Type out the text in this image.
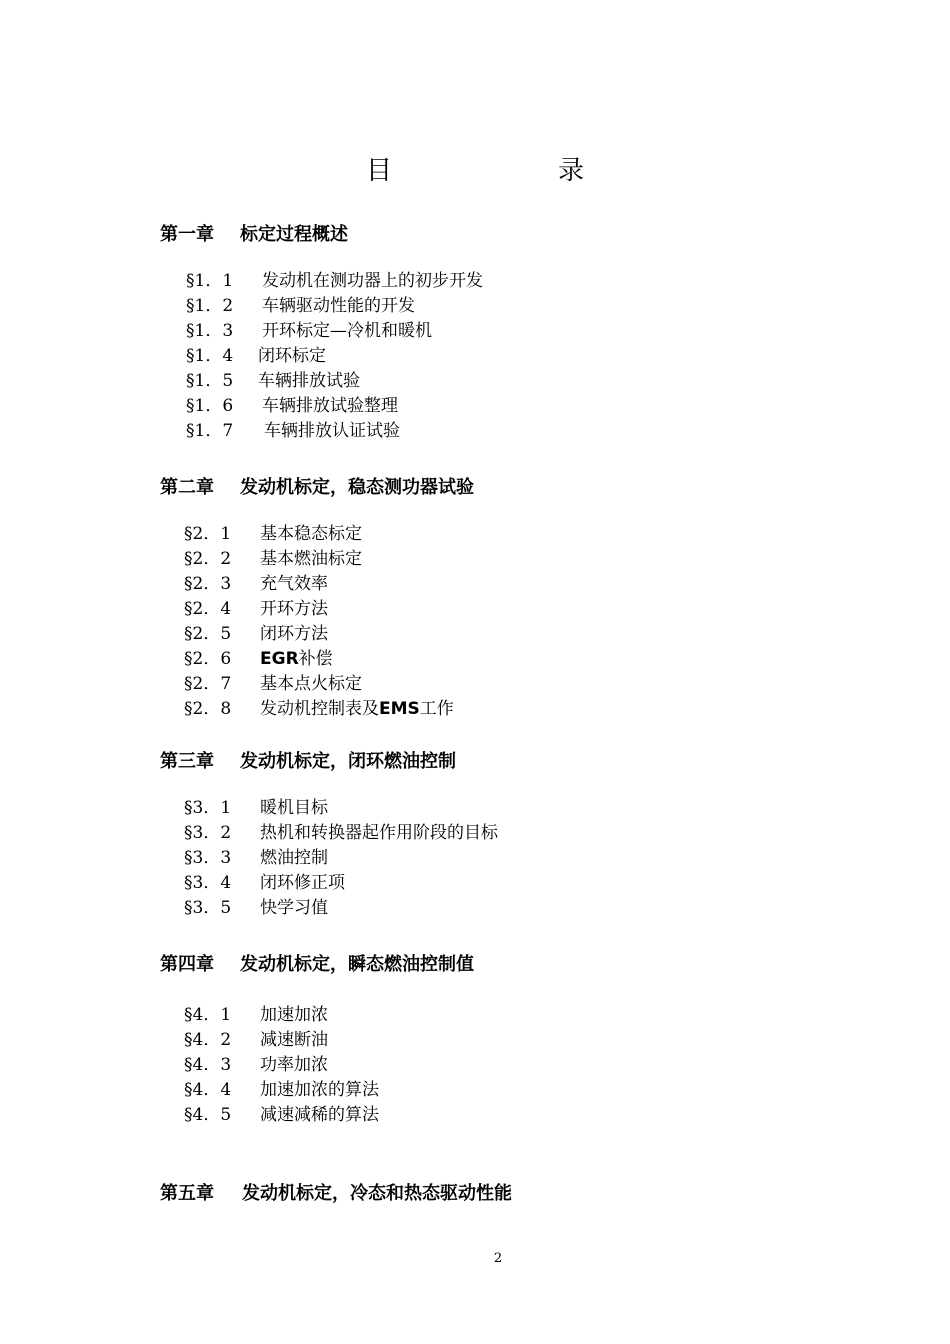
目　　录
第一章 标定过程概述
§1．1 发动机在测功器上的初步开发
§1．2 车辆驱动性能的开发
§1．3 开环标定—冷机和暖机
§1．4 闭环标定
§1．5 车辆排放试验
§1．6 车辆排放试验整理
§1．7 车辆排放认证试验
第二章 发动机标定，稳态测功器试验
§2．1 基本稳态标定
§2．2 基本燃油标定
§2．3 充气效率
§2．4 开环方法
§2．5 闭环方法
§2．6 EGR补偿
§2．7 基本点火标定
§2．8 发动机控制表及EMS工作
第三章 发动机标定，闭环燃油控制
§3．1 暖机目标
§3．2 热机和转换器起作用阶段的目标
§3．3 燃油控制
§3．4 闭环修正项
§3．5 快学习值
第四章 发动机标定，瞬态燃油控制值
§4．1 加速加浓
§4．2 减速断油
§4．3 功率加浓
§4．4 加速加浓的算法
§4．5 减速减稀的算法
第五章 发动机标定，冷态和热态驱动性能
2
